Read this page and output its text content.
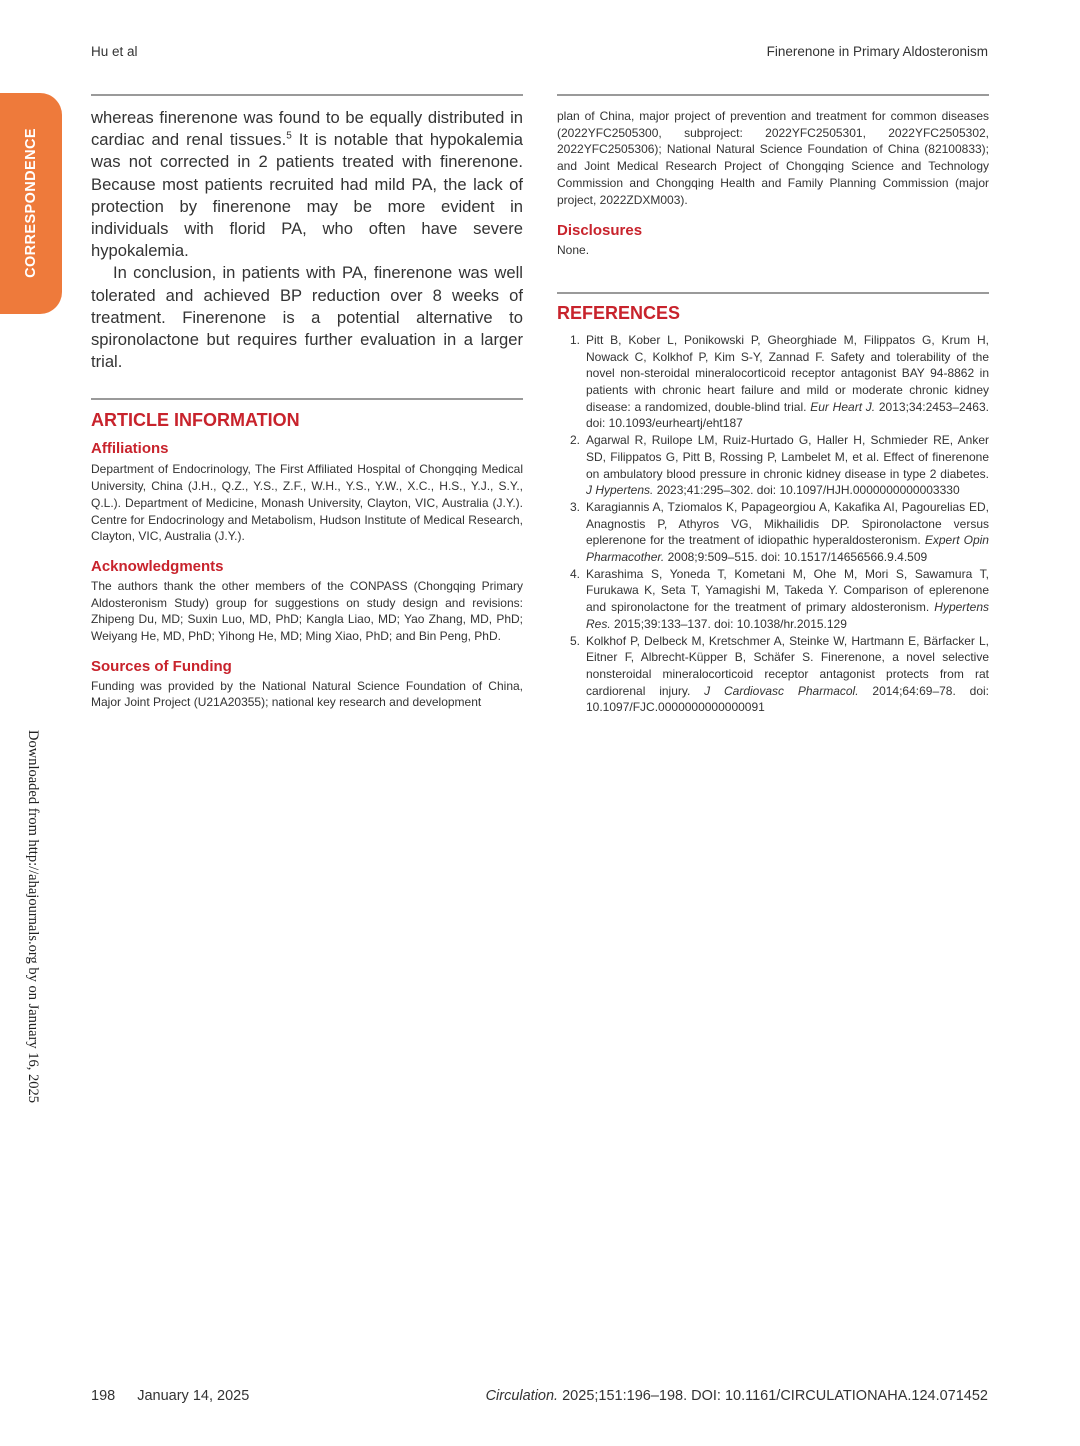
Hu et al	Finerenone in Primary Aldosteronism
CORRESPONDENCE
Downloaded from http://ahajournals.org by on January 16, 2025

whereas finerenone was found to be equally distributed in cardiac and renal tissues.$^5$ It is notable that hypokalemia was not corrected in 2 patients treated with finerenone. Because most patients recruited had mild PA, the lack of protection by finerenone may be more evident in individuals with florid PA, who often have severe hypokalemia.

In conclusion, in patients with PA, finerenone was well tolerated and achieved BP reduction over 8 weeks of treatment. Finerenone is a potential alternative to spironolactone but requires further evaluation in a larger trial.

ARTICLE INFORMATION
Affiliations

Department of Endocrinology, The First Affiliated Hospital of Chongqing Medical University, China (J.H., Q.Z., Y.S., Z.F., W.H., Y.S., Y.W., X.C., H.S., Y.J., S.Y., Q.L.). Department of Medicine, Monash University, Clayton, VIC, Australia (J.Y.). Centre for Endocrinology and Metabolism, Hudson Institute of Medical Research, Clayton, VIC, Australia (J.Y.).

Acknowledgments

The authors thank the other members of the CONPASS (Chongqing Primary Aldosteronism Study) group for suggestions on study design and revisions: Zhipeng Du, MD; Suxin Luo, MD, PhD; Kangla Liao, MD; Yao Zhang, MD, PhD; Weiyang He, MD, PhD; Yihong He, MD; Ming Xiao, PhD; and Bin Peng, PhD.

Sources of Funding

Funding was provided by the National Natural Science Foundation of China, Major Joint Project (U21A20355); national key research and development

plan of China, major project of prevention and treatment for common diseases (2022YFC2505300, subproject: 2022YFC2505301, 2022YFC2505302, 2022YFC2505306); National Natural Science Foundation of China (82100833); and Joint Medical Research Project of Chongqing Science and Technology Commission and Chongqing Health and Family Planning Commission (major project, 2022ZDXM003).

Disclosures

None.

REFERENCES
1. Pitt B, Kober L, Ponikowski P, Gheorghiade M, Filippatos G, Krum H, Nowack C, Kolkhof P, Kim S-Y, Zannad F. Safety and tolerability of the novel non-steroidal mineralocorticoid receptor antagonist BAY 94-8862 in patients with chronic heart failure and mild or moderate chronic kidney disease: a randomized, double-blind trial. Eur Heart J. 2013;34:2453–2463. doi: 10.1093/eurheartj/eht187
2. Agarwal R, Ruilope LM, Ruiz-Hurtado G, Haller H, Schmieder RE, Anker SD, Filippatos G, Pitt B, Rossing P, Lambelet M, et al. Effect of finerenone on ambulatory blood pressure in chronic kidney disease in type 2 diabetes. J Hypertens. 2023;41:295–302. doi: 10.1097/HJH.0000000000003330
3. Karagiannis A, Tziomalos K, Papageorgiou A, Kakafika AI, Pagourelias ED, Anagnostis P, Athyros VG, Mikhailidis DP. Spironolactone versus eplerenone for the treatment of idiopathic hyperaldosteronism. Expert Opin Pharmacother. 2008;9:509–515. doi: 10.1517/14656566.9.4.509
4. Karashima S, Yoneda T, Kometani M, Ohe M, Mori S, Sawamura T, Furukawa K, Seta T, Yamagishi M, Takeda Y. Comparison of eplerenone and spironolactone for the treatment of primary aldosteronism. Hypertens Res. 2015;39:133–137. doi: 10.1038/hr.2015.129
5. Kolkhof P, Delbeck M, Kretschmer A, Steinke W, Hartmann E, Bärfacker L, Eitner F, Albrecht-Küpper B, Schäfer S. Finerenone, a novel selective nonsteroidal mineralocorticoid receptor antagonist protects from rat cardiorenal injury. J Cardiovasc Pharmacol. 2014;64:69–78. doi: 10.1097/FJC.0000000000000091
198 January 14, 2025	Circulation. 2025;151:196–198. DOI: 10.1161/CIRCULATIONAHA.124.071452
